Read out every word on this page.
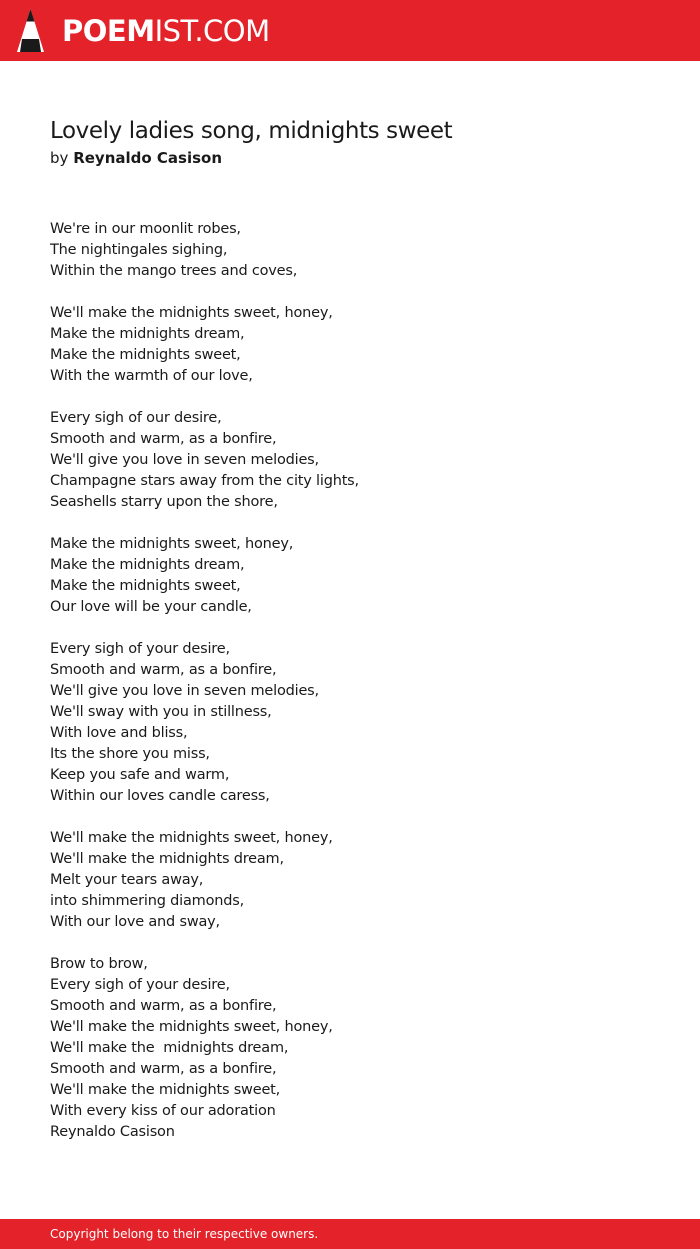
POEMIST.COM
Lovely ladies song, midnights sweet
by Reynaldo Casison
We're in our moonlit robes,
The nightingales sighing,
Within the mango trees and coves,
We'll make the midnights sweet, honey,
Make the midnights dream,
Make the midnights sweet,
With the warmth of our love,
Every sigh of our desire,
Smooth and warm, as a bonfire,
We'll give you love in seven melodies,
Champagne stars away from the city lights,
Seashells starry upon the shore,
Make the midnights sweet, honey,
Make the midnights dream,
Make the midnights sweet,
Our love will be your candle,
Every sigh of your desire,
Smooth and warm, as a bonfire,
We'll give you love in seven melodies,
We'll sway with you in stillness,
With love and bliss,
Its the shore you miss,
Keep you safe and warm,
Within our loves candle caress,
We'll make the midnights sweet, honey,
We'll make the midnights dream,
Melt your tears away,
into shimmering diamonds,
With our love and sway,
Brow to brow,
Every sigh of your desire,
Smooth and warm, as a bonfire,
We'll make the midnights sweet, honey,
We'll make the  midnights dream,
Smooth and warm, as a bonfire,
We'll make the midnights sweet,
With every kiss of our adoration
Reynaldo Casison
Copyright belong to their respective owners.
